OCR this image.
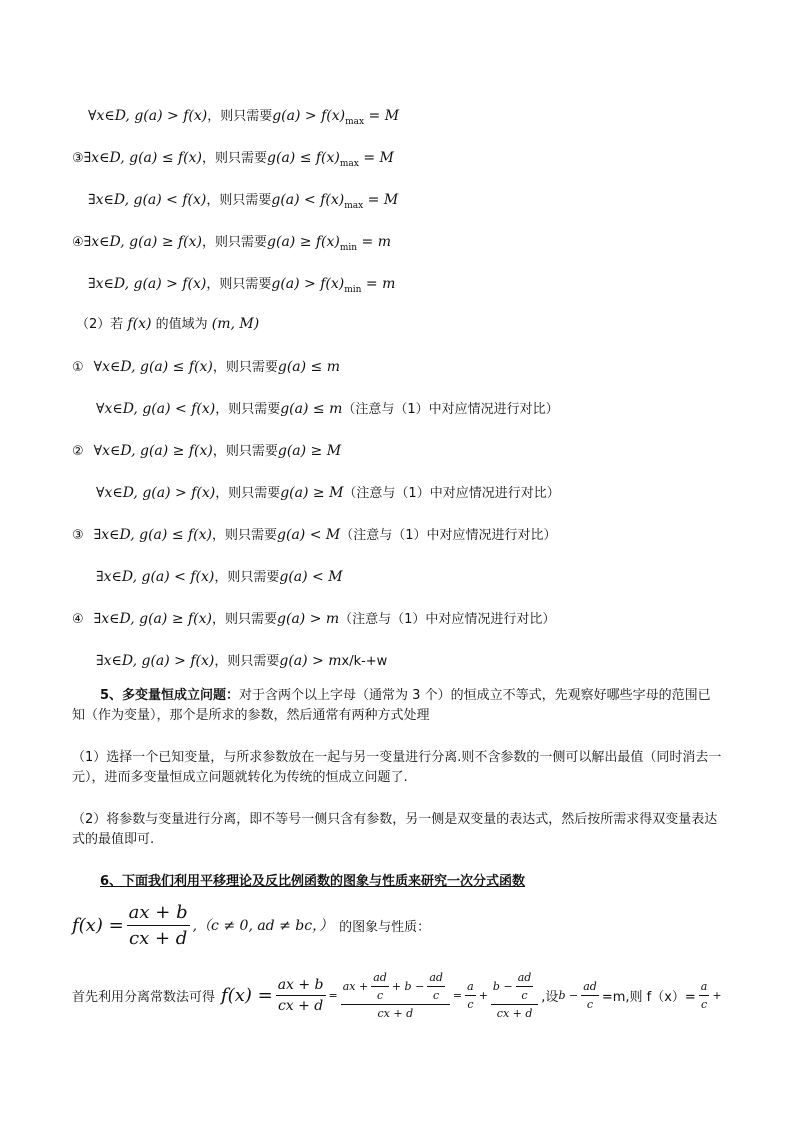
∀x∈D, g(a) > f(x)，则只需要$g(a) > f(x)_{max} = M$
③∃x∈D, g(a) ≤ f(x)，则只需要$g(a) \le f(x)_{max} = M$
∃x∈D, g(a) < f(x)，则只需要$g(a) < f(x)_{max} = M$
④∃x∈D, g(a) ≥ f(x)，则只需要$g(a) \ge f(x)_{min} = m$
∃x∈D, g(a) > f(x)，则只需要$g(a) > f(x)_{min} = m$
（2）若 f(x) 的值域为 (m, M)
① ∀x∈D, g(a) ≤ f(x)，则只需要g(a) ≤ m
∀x∈D, g(a) < f(x)，则只需要g(a) ≤ m（注意与（1）中对应情况进行对比）
② ∀x∈D, g(a) ≥ f(x)，则只需要g(a) ≥ M
∀x∈D, g(a) > f(x)，则只需要g(a) ≥ M（注意与（1）中对应情况进行对比）
③ ∃x∈D, g(a) ≤ f(x)，则只需要g(a) < M（注意与（1）中对应情况进行对比）
∃x∈D, g(a) < f(x)，则只需要g(a) < M
④ ∃x∈D, g(a) ≥ f(x)，则只需要g(a) > m（注意与（1）中对应情况进行对比）
∃x∈D, g(a) > f(x)，则只需要g(a) > mx/k-+w
5、多变量恒成立问题：对于含两个以上字母（通常为 3 个）的恒成立不等式，先观察好哪些字母的范围已知（作为变量），那个是所求的参数，然后通常有两种方式处理
（1）选择一个已知变量，与所求参数放在一起与另一变量进行分离.则不含参数的一侧可以解出最值（同时消去一元），进而多变量恒成立问题就转化为传统的恒成立问题了.
（2）将参数与变量进行分离，即不等号一侧只含有参数，另一侧是双变量的表达式，然后按所需求得双变量表达式的最值即可.
6、下面我们利用平移理论及反比例函数的图象与性质来研究一次分式函数
$f(x) = \frac{ax + b}{cx + d} ,(c \ne 0$, ad ≠ bc，） 的图象与性质：
首先利用分离常数法可得 $f(x) = \frac{ax + b}{cx + d}$ =
ax + $\frac{ad}{c} + b - \frac{ad}{c}$
cx + d
= $\frac{a}{c} + \frac{b - \frac{ad}{c}}{cx + d}$ ,设 $b - \frac{ad}{c} =m$,则 $f(x)= \frac{a}{c}$ +
